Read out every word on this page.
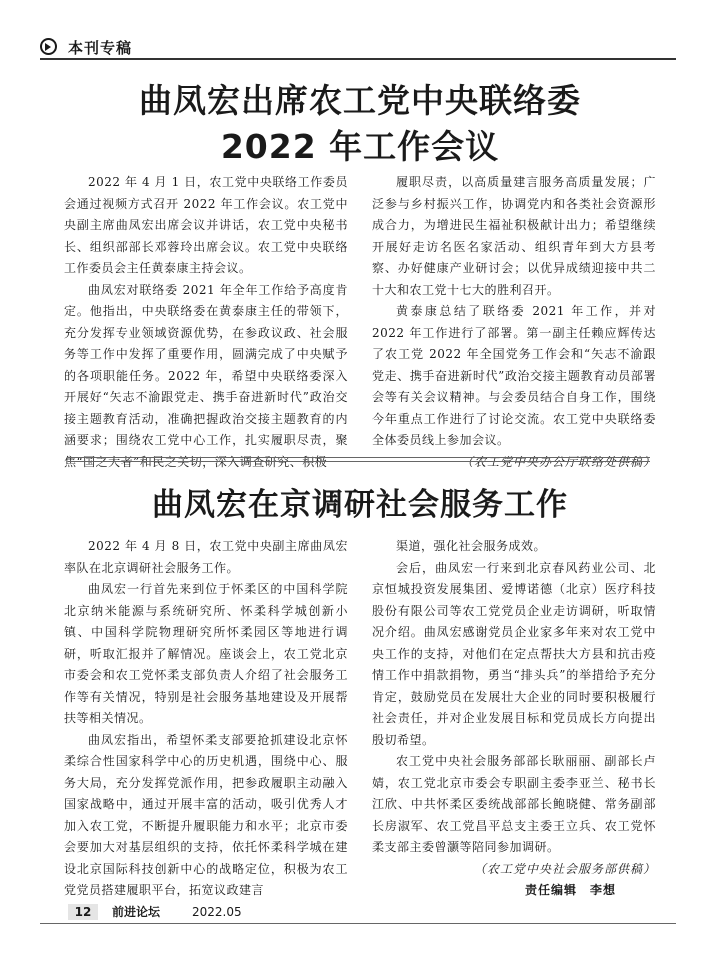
本刊专稿
曲凤宏出席农工党中央联络委
2022 年工作会议

2022 年 4 月 1 日，农工党中央联络工作委员会通过视频方式召开 2022 年工作会议。农工党中央副主席曲凤宏出席会议并讲话，农工党中央秘书长、组织部部长邓蓉玲出席会议。农工党中央联络工作委员会主任黄泰康主持会议。

曲凤宏对联络委 2021 年全年工作给予高度肯定。他指出，中央联络委在黄泰康主任的带领下，充分发挥专业领域资源优势，在参政议政、社会服务等工作中发挥了重要作用，圆满完成了中央赋予的各项职能任务。2022 年，希望中央联络委深入开展好“矢志不渝跟党走、携手奋进新时代”政治交接主题教育活动，准确把握政治交接主题教育的内涵要求；围绕农工党中心工作，扎实履职尽责，聚焦“国之大者”和民之关切，深入调查研究、积极

履职尽责，以高质量建言服务高质量发展；广泛参与乡村振兴工作，协调党内和各类社会资源形成合力，为增进民生福祉积极献计出力；希望继续开展好走访名医名家活动、组织青年到大方县考察、办好健康产业研讨会；以优异成绩迎接中共二十大和农工党十七大的胜利召开。

黄泰康总结了联络委 2021 年工作，并对 2022 年工作进行了部署。第一副主任赖应辉传达了农工党 2022 年全国党务工作会和“矢志不渝跟党走、携手奋进新时代”政治交接主题教育动员部署会等有关会议精神。与会委员结合自身工作，围绕今年重点工作进行了讨论交流。农工党中央联络委全体委员线上参加会议。

（农工党中央办公厅联络处供稿）

曲凤宏在京调研社会服务工作

2022 年 4 月 8 日，农工党中央副主席曲凤宏率队在北京调研社会服务工作。

曲凤宏一行首先来到位于怀柔区的中国科学院北京纳米能源与系统研究所、怀柔科学城创新小镇、中国科学院物理研究所怀柔园区等地进行调研，听取汇报并了解情况。座谈会上，农工党北京市委会和农工党怀柔支部负责人介绍了社会服务工作等有关情况，特别是社会服务基地建设及开展帮扶等相关情况。

曲凤宏指出，希望怀柔支部要抢抓建设北京怀柔综合性国家科学中心的历史机遇，围绕中心、服务大局，充分发挥党派作用，把参政履职主动融入国家战略中，通过开展丰富的活动，吸引优秀人才加入农工党，不断提升履职能力和水平；北京市委会要加大对基层组织的支持，依托怀柔科学城在建设北京国际科技创新中心的战略定位，积极为农工党党员搭建履职平台，拓宽议政建言

渠道，强化社会服务成效。

会后，曲凤宏一行来到北京春风药业公司、北京恒城投资发展集团、爱博诺德（北京）医疗科技股份有限公司等农工党党员企业走访调研，听取情况介绍。曲凤宏感谢党员企业家多年来对农工党中央工作的支持，对他们在定点帮扶大方县和抗击疫情工作中捐款捐物，勇当“排头兵”的举措给予充分肯定，鼓励党员在发展壮大企业的同时要积极履行社会责任，并对企业发展目标和党员成长方向提出殷切希望。

农工党中央社会服务部部长耿丽丽、副部长卢婧，农工党北京市委会专职副主委李亚兰、秘书长江欣、中共怀柔区委统战部部长鲍晓健、常务副部长房淑军、农工党昌平总支主委王立兵、农工党怀柔支部主委曾灏等陪同参加调研。

（农工党中央社会服务部供稿）

责任编辑　李想

12	前进论坛	2022.05
